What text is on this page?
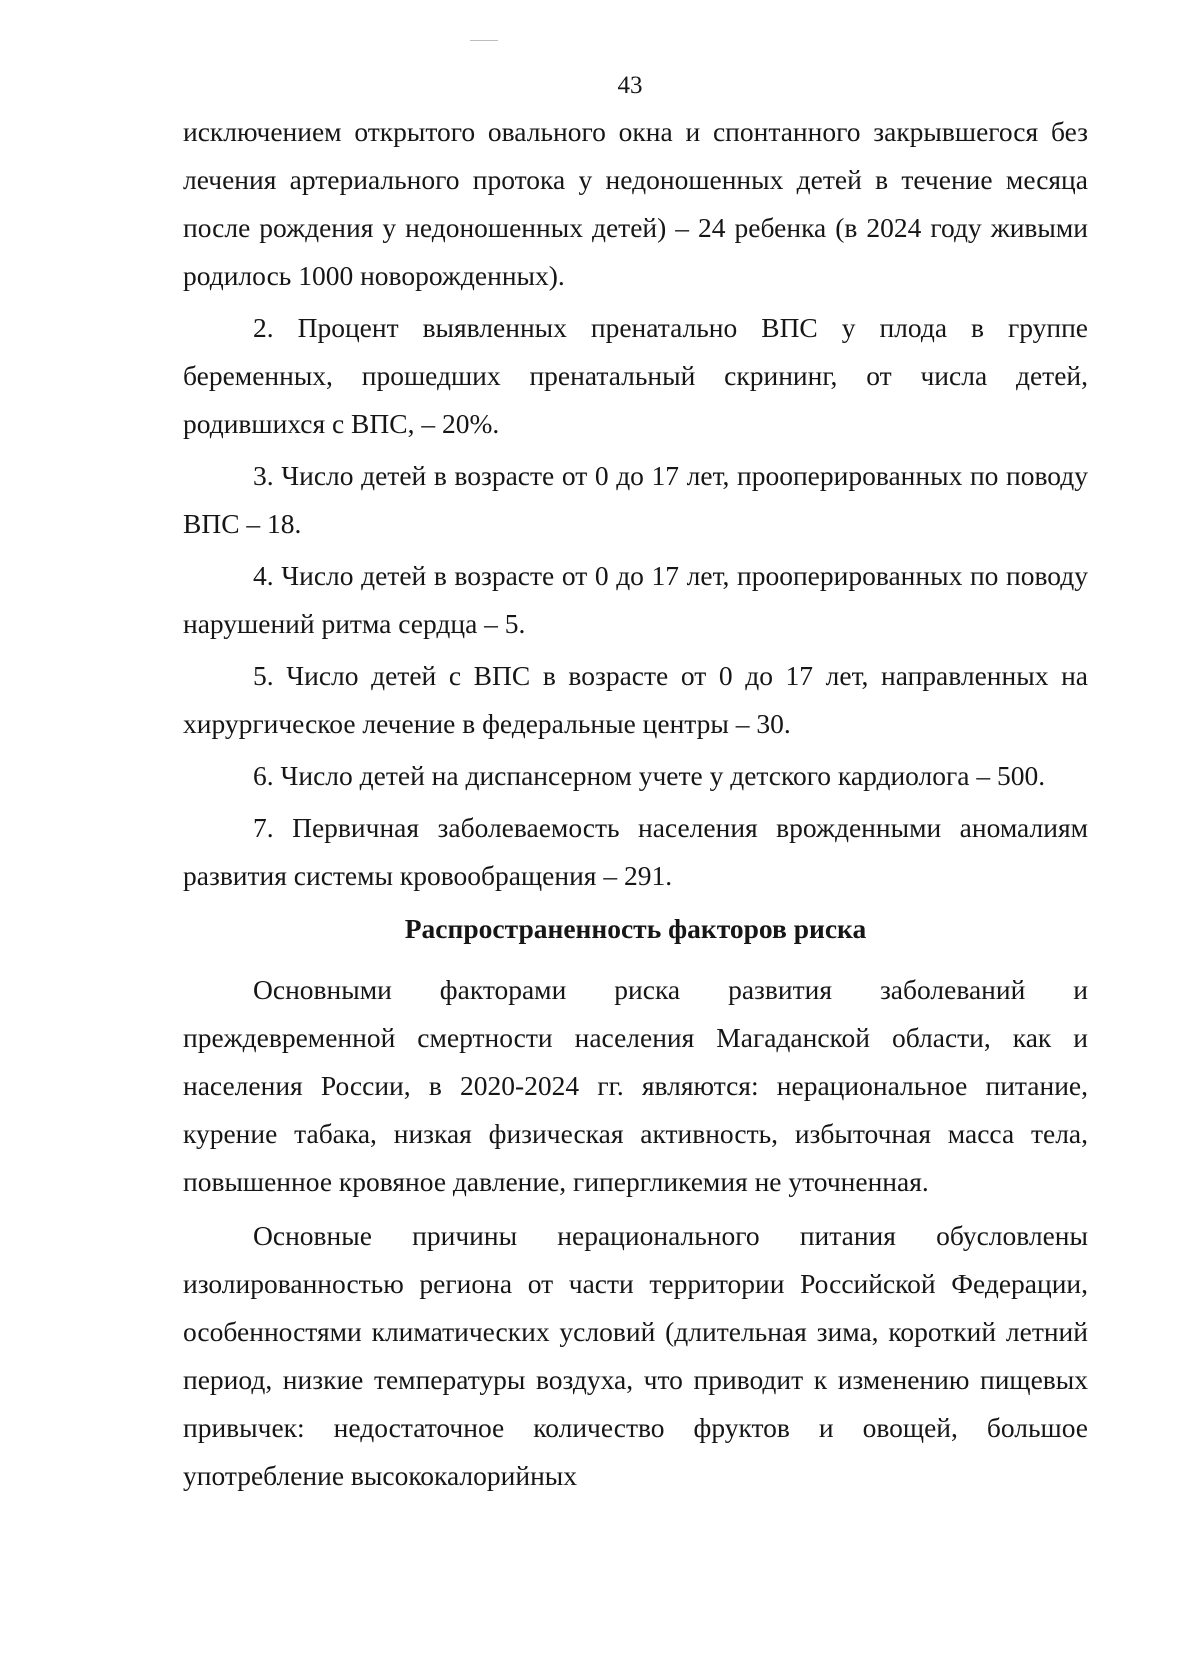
43

исключением открытого овального окна и спонтанного закрывшегося без лечения артериального протока у недоношенных детей в течение месяца после рождения у недоношенных детей) – 24 ребенка (в 2024 году живыми родилось 1000 новорожденных).

2. Процент выявленных пренатально ВПС у плода в группе беременных, прошедших пренатальный скрининг, от числа детей, родившихся с ВПС, – 20%.

3. Число детей в возрасте от 0 до 17 лет, прооперированных по поводу ВПС – 18.

4. Число детей в возрасте от 0 до 17 лет, прооперированных по поводу нарушений ритма сердца – 5.

5. Число детей с ВПС в возрасте от 0 до 17 лет, направленных на хирургическое лечение в федеральные центры – 30.

6. Число детей на диспансерном учете у детского кардиолога – 500.

7. Первичная заболеваемость населения врожденными аномалиям развития системы кровообращения – 291.

Распространенность факторов риска

Основными факторами риска развития заболеваний и преждевременной смертности населения Магаданской области, как и населения России, в 2020-2024 гг. являются: нерациональное питание, курение табака, низкая физическая активность, избыточная масса тела, повышенное кровяное давление, гипергликемия не уточненная.

Основные причины нерационального питания обусловлены изолированностью региона от части территории Российской Федерации, особенностями климатических условий (длительная зима, короткий летний период, низкие температуры воздуха, что приводит к изменению пищевых привычек: недостаточное количество фруктов и овощей, большое употребление высококалорийных
